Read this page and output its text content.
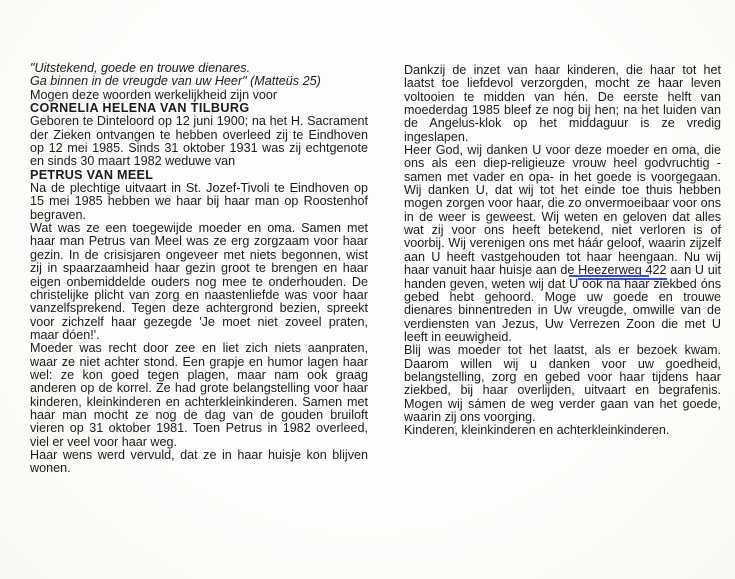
"Uitstekend, goede en trouwe dienares.
Ga binnen in de vreugde van uw Heer" (Matteüs 25)

Mogen deze woorden werkelijkheid zijn voor

CORNELIA HELENA VAN TILBURG

Geboren te Dinteloord op 12 juni 1900; na het H. Sacrament der Zieken ontvangen te hebben overleed zij te Eindhoven op 12 mei 1985. Sinds 31 oktober 1931 was zij echtgenote en sinds 30 maart 1982 weduwe van

PETRUS VAN MEEL

Na de plechtige uitvaart in St. Jozef-Tivoli te Eindhoven op 15 mei 1985 hebben we haar bij haar man op Roostenhof begraven.

Wat was ze een toegewijde moeder en oma. Samen met haar man Petrus van Meel was ze erg zorgzaam voor haar gezin. In de crisisjaren ongeveer met niets begonnen, wist zij in spaarzaamheid haar gezin groot te brengen en haar eigen onbemiddelde ouders nog mee te onderhouden. De christelijke plicht van zorg en naastenliefde was voor haar vanzelfsprekend. Tegen deze achtergrond bezien, spreekt voor zichzelf haar gezegde 'Je moet niet zoveel praten, maar dóen!'.

Moeder was recht door zee en liet zich niets aanpraten, waar ze niet achter stond. Een grapje en humor lagen haar wel: ze kon goed tegen plagen, maar nam ook graag anderen op de korrel. Ze had grote belangstelling voor haar kinderen, kleinkinderen en achterkleinkinderen. Samen met haar man mocht ze nog de dag van de gouden bruiloft vieren op 31 oktober 1981. Toen Petrus in 1982 overleed, viel er veel voor haar weg.

Haar wens werd vervuld, dat ze in haar huisje kon blijven wonen.

Dankzij de inzet van haar kinderen, die haar tot het laatst toe liefdevol verzorgden, mocht ze haar leven voltooien te midden van hén. De eerste helft van moederdag 1985 bleef ze nog bij hen; na het luiden van de Angelus-klok op het middaguur is ze vredig ingeslapen.

Heer God, wij danken U voor deze moeder en oma, die ons als een diep-religieuze vrouw heel godvruchtig -samen met vader en opa- in het goede is voorgegaan. Wij danken U, dat wij tot het einde toe thuis hebben mogen zorgen voor haar, die zo onvermoeibaar voor ons in de weer is geweest. Wij weten en geloven dat alles wat zij voor ons heeft betekend, niet verloren is of voorbij. Wij verenigen ons met háár geloof, waarin zijzelf aan U heeft vastgehouden tot haar heengaan. Nu wij haar vanuit haar huisje aan de Heezerweg 422 aan U uit handen geven, weten wij dat U ook na haar ziekbed óns gebed hebt gehoord. Moge uw goede en trouwe dienares binnentreden in Uw vreugde, omwille van de verdiensten van Jezus, Uw Verrezen Zoon die met U leeft in eeuwigheid.

Blij was moeder tot het laatst, als er bezoek kwam. Daarom willen wij u danken voor uw goedheid, belangstelling, zorg en gebed voor haar tijdens haar ziekbed, bij haar overlijden, uitvaart en begrafenis. Mogen wij sámen de weg verder gaan van het goede, waarin zij ons voorging.

Kinderen, kleinkinderen en achterkleinkinderen.
